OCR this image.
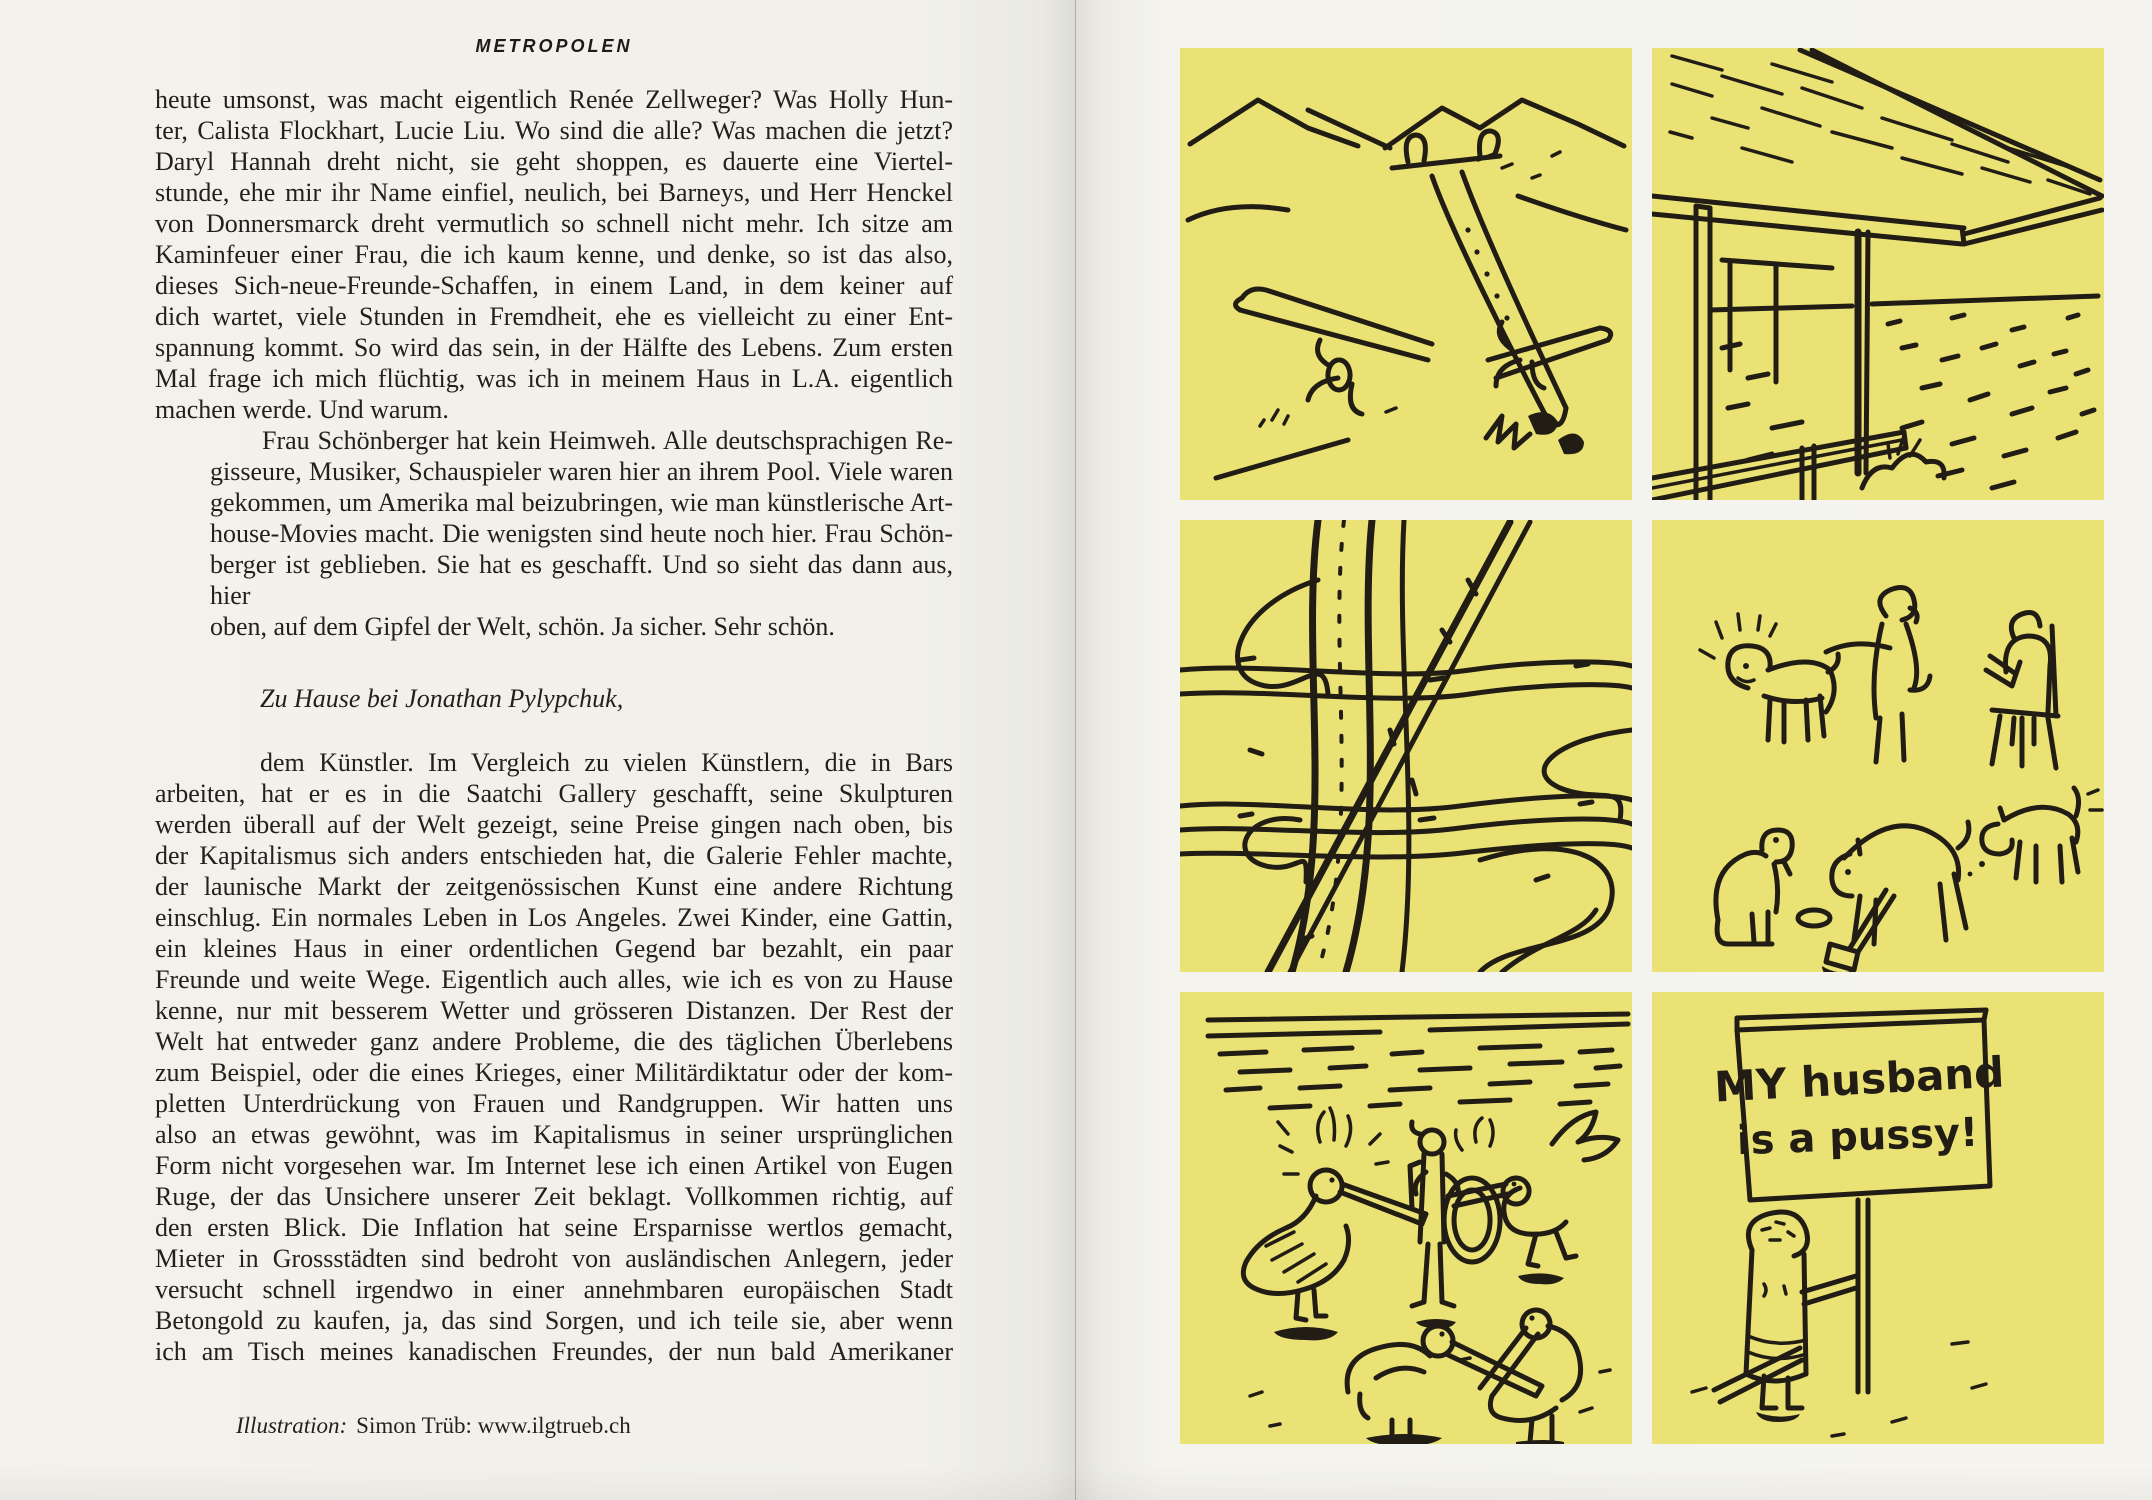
METROPOLEN
heute umsonst, was macht eigentlich Renée Zellweger? Was Holly Hun-
ter, Calista Flockhart, Lucie Liu. Wo sind die alle? Was machen die jetzt?
Daryl Hannah dreht nicht, sie geht shoppen, es dauerte eine Viertel-
stunde, ehe mir ihr Name einfiel, neulich, bei Barneys, und Herr Henckel
von Donnersmarck dreht vermutlich so schnell nicht mehr. Ich sitze am
Kaminfeuer einer Frau, die ich kaum kenne, und denke, so ist das also,
dieses Sich-neue-Freunde-Schaffen, in einem Land, in dem keiner auf
dich wartet, viele Stunden in Fremdheit, ehe es vielleicht zu einer Ent-
spannung kommt. So wird das sein, in der Hälfte des Lebens. Zum ersten
Mal frage ich mich flüchtig, was ich in meinem Haus in L.A. eigentlich
machen werde. Und warum.
Frau Schönberger hat kein Heimweh. Alle deutschsprachigen Re-
gisseure, Musiker, Schauspieler waren hier an ihrem Pool. Viele waren
gekommen, um Amerika mal beizubringen, wie man künstlerische Art-
house-Movies macht. Die wenigsten sind heute noch hier. Frau Schön-
berger ist geblieben. Sie hat es geschafft. Und so sieht das dann aus, hier
oben, auf dem Gipfel der Welt, schön. Ja sicher. Sehr schön.
Zu Hause bei Jonathan Pylypchuk,
dem Künstler. Im Vergleich zu vielen Künstlern, die in Bars
arbeiten, hat er es in die Saatchi Gallery geschafft, seine Skulpturen
werden überall auf der Welt gezeigt, seine Preise gingen nach oben, bis
der Kapitalismus sich anders entschieden hat, die Galerie Fehler machte,
der launische Markt der zeitgenössischen Kunst eine andere Richtung
einschlug. Ein normales Leben in Los Angeles. Zwei Kinder, eine Gattin,
ein kleines Haus in einer ordentlichen Gegend bar bezahlt, ein paar
Freunde und weite Wege. Eigentlich auch alles, wie ich es von zu Hause
kenne, nur mit besserem Wetter und grösseren Distanzen. Der Rest der
Welt hat entweder ganz andere Probleme, die des täglichen Überlebens
zum Beispiel, oder die eines Krieges, einer Militärdiktatur oder der kom-
pletten Unterdrückung von Frauen und Randgruppen. Wir hatten uns
also an etwas gewöhnt, was im Kapitalismus in seiner ursprünglichen
Form nicht vorgesehen war. Im Internet lese ich einen Artikel von Eugen
Ruge, der das Unsichere unserer Zeit beklagt. Vollkommen richtig, auf
den ersten Blick. Die Inflation hat seine Ersparnisse wertlos gemacht,
Mieter in Grossstädten sind bedroht von ausländischen Anlegern, jeder
versucht schnell irgendwo in einer annehmbaren europäischen Stadt
Betongold zu kaufen, ja, das sind Sorgen, und ich teile sie, aber wenn
ich am Tisch meines kanadischen Freundes, der nun bald Amerikaner
Illustration: Simon Trüb: www.ilgtrueb.ch
MY husband
is a pussy!
